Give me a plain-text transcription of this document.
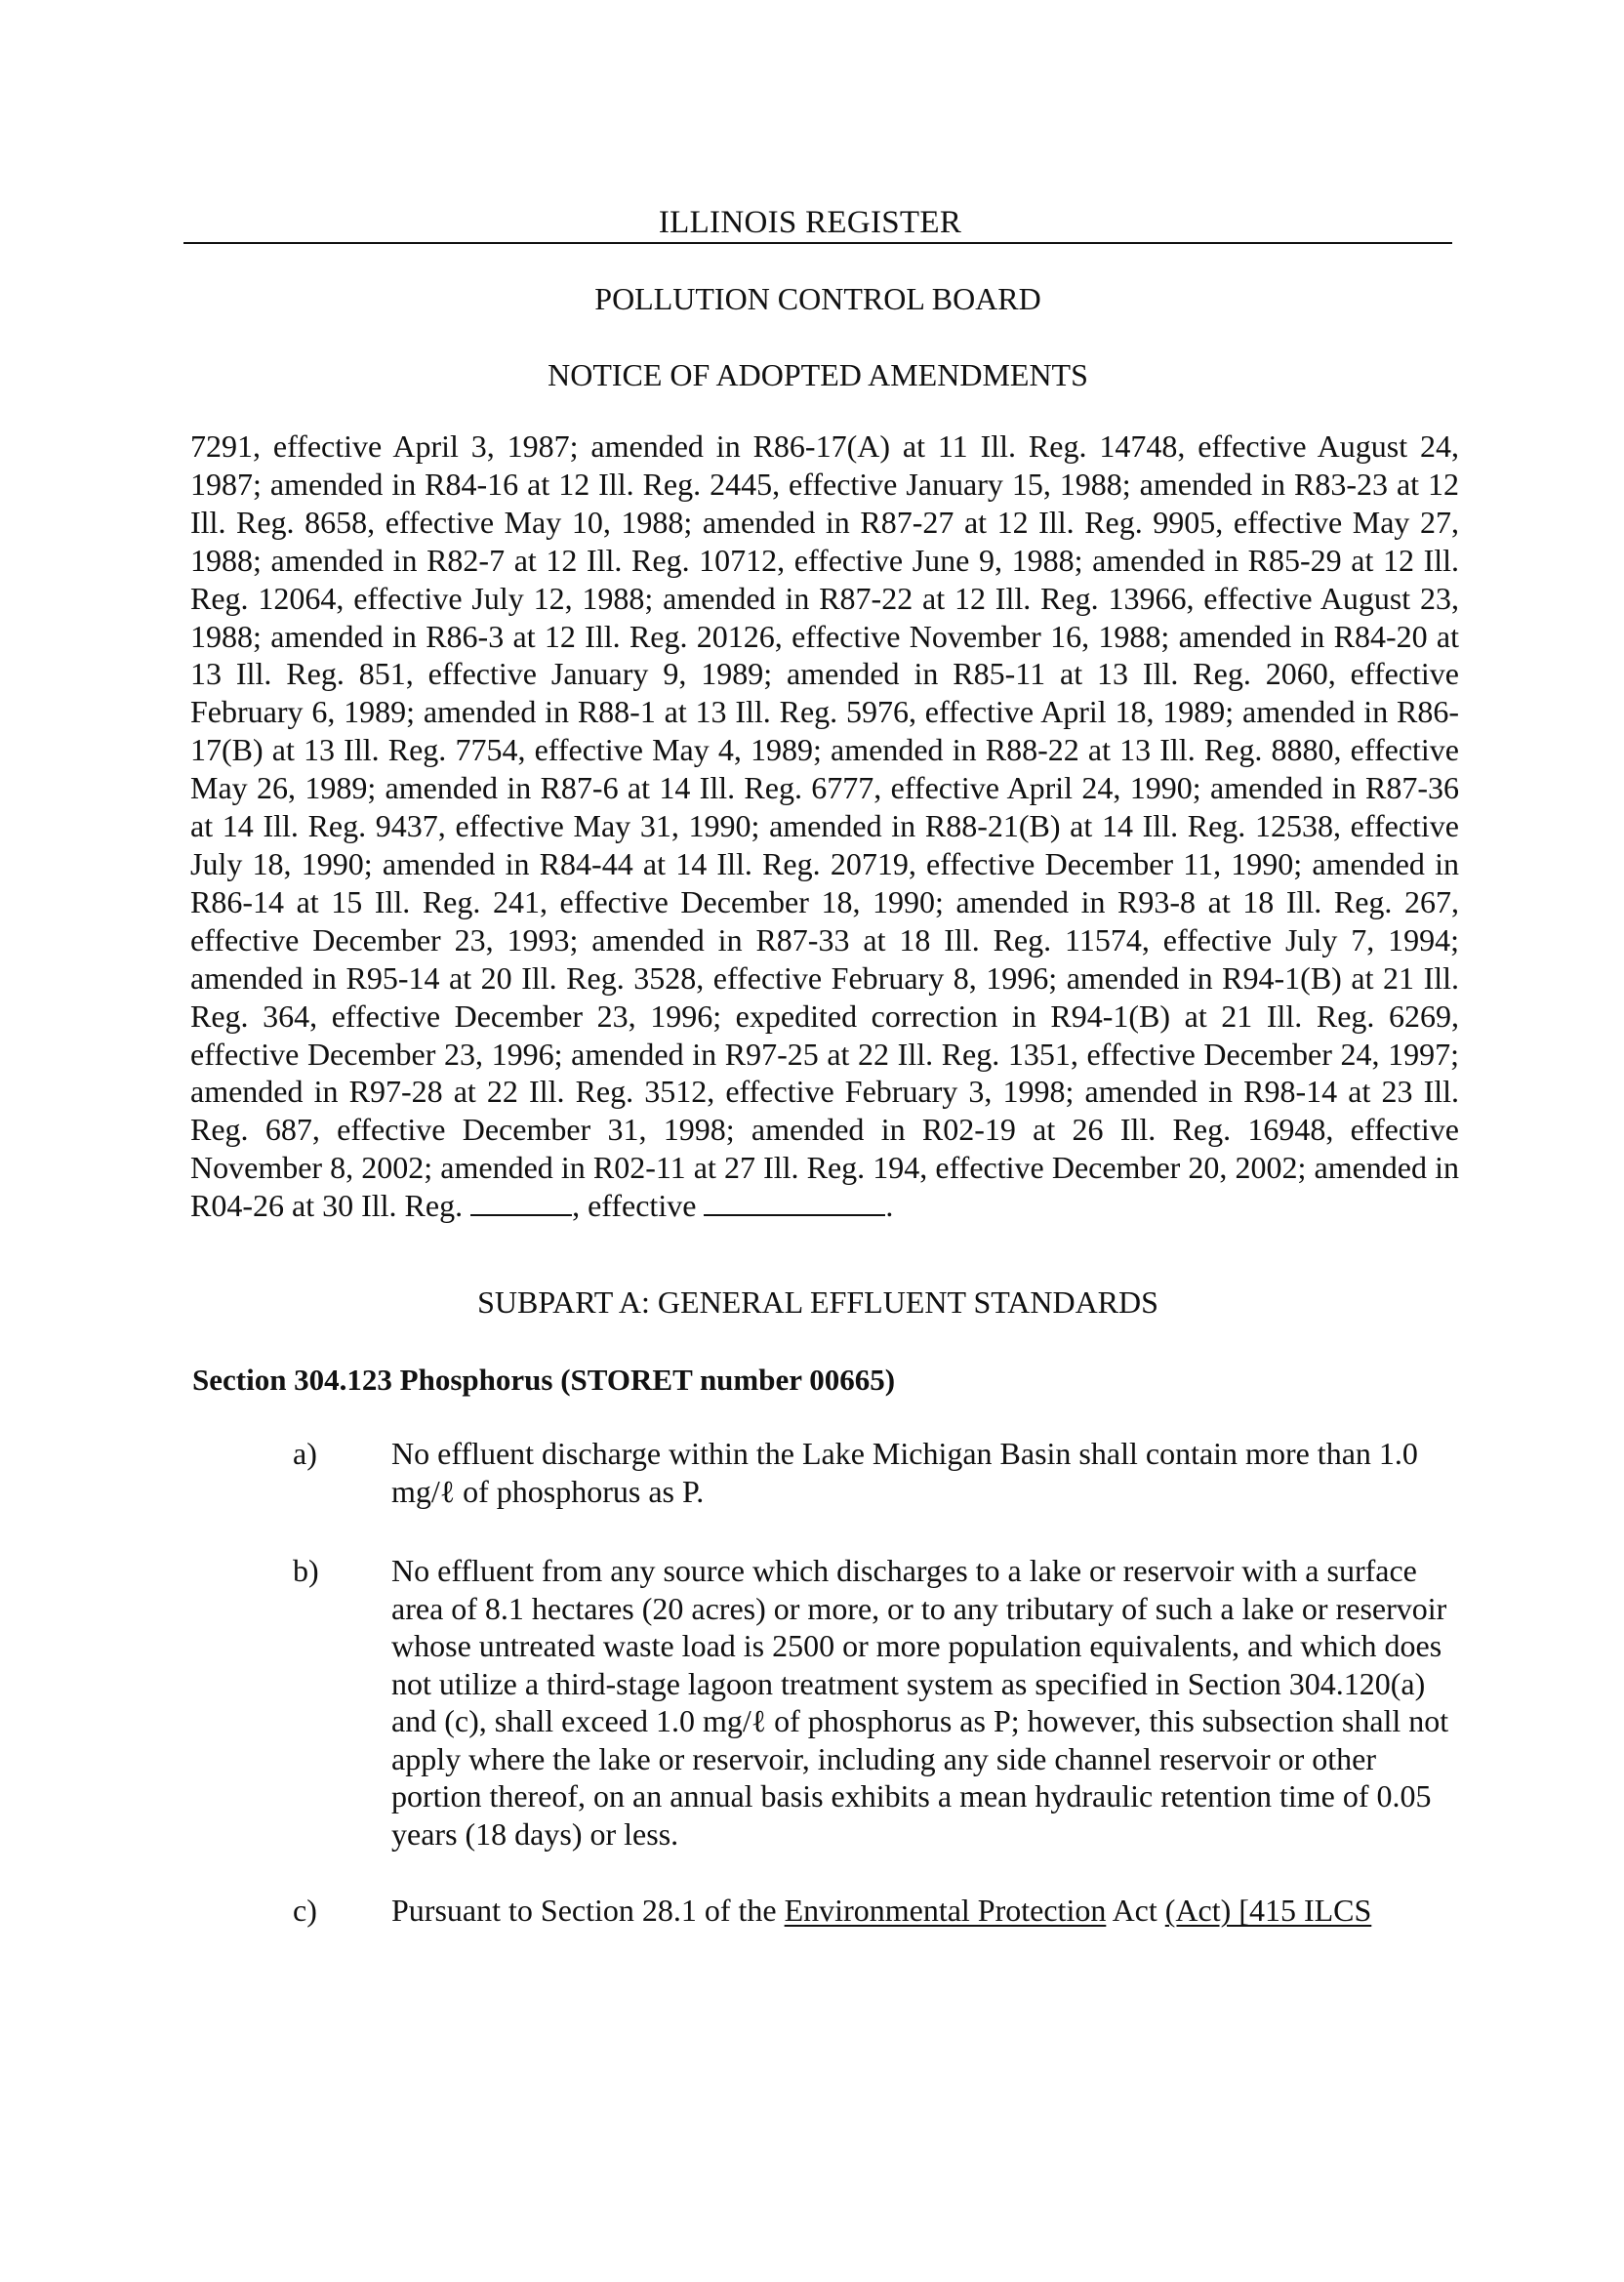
ILLINOIS REGISTER
POLLUTION CONTROL BOARD
NOTICE OF ADOPTED AMENDMENTS
7291, effective April 3, 1987; amended in R86-17(A) at 11 Ill. Reg. 14748, effective August 24, 1987; amended in R84-16 at 12 Ill. Reg. 2445, effective January 15, 1988; amended in R83-23 at 12 Ill. Reg. 8658, effective May 10, 1988; amended in R87-27 at 12 Ill. Reg. 9905, effective May 27, 1988; amended in R82-7 at 12 Ill. Reg. 10712, effective June 9, 1988; amended in R85-29 at 12 Ill. Reg. 12064, effective July 12, 1988; amended in R87-22 at 12 Ill. Reg. 13966, effective August 23, 1988; amended in R86-3 at 12 Ill. Reg. 20126, effective November 16, 1988; amended in R84-20 at 13 Ill. Reg. 851, effective January 9, 1989; amended in R85-11 at 13 Ill. Reg. 2060, effective February 6, 1989; amended in R88-1 at 13 Ill. Reg. 5976, effective April 18, 1989; amended in R86-17(B) at 13 Ill. Reg. 7754, effective May 4, 1989; amended in R88-22 at 13 Ill. Reg. 8880, effective May 26, 1989; amended in R87-6 at 14 Ill. Reg. 6777, effective April 24, 1990; amended in R87-36 at 14 Ill. Reg. 9437, effective May 31, 1990; amended in R88-21(B) at 14 Ill. Reg. 12538, effective July 18, 1990; amended in R84-44 at 14 Ill. Reg. 20719, effective December 11, 1990; amended in R86-14 at 15 Ill. Reg. 241, effective December 18, 1990; amended in R93-8 at 18 Ill. Reg. 267, effective December 23, 1993; amended in R87-33 at 18 Ill. Reg. 11574, effective July 7, 1994; amended in R95-14 at 20 Ill. Reg. 3528, effective February 8, 1996; amended in R94-1(B) at 21 Ill. Reg. 364, effective December 23, 1996; expedited correction in R94-1(B) at 21 Ill. Reg. 6269, effective December 23, 1996; amended in R97-25 at 22 Ill. Reg. 1351, effective December 24, 1997; amended in R97-28 at 22 Ill. Reg. 3512, effective February 3, 1998; amended in R98-14 at 23 Ill. Reg. 687, effective December 31, 1998; amended in R02-19 at 26 Ill. Reg. 16948, effective November 8, 2002; amended in R02-11 at 27 Ill. Reg. 194, effective December 20, 2002; amended in R04-26 at 30 Ill. Reg.	, effective	.
SUBPART A: GENERAL EFFLUENT STANDARDS
Section 304.123 Phosphorus (STORET number 00665)
a)	No effluent discharge within the Lake Michigan Basin shall contain more than 1.0 mg/ℓ of phosphorus as P.
b)	No effluent from any source which discharges to a lake or reservoir with a surface area of 8.1 hectares (20 acres) or more, or to any tributary of such a lake or reservoir whose untreated waste load is 2500 or more population equivalents, and which does not utilize a third-stage lagoon treatment system as specified in Section 304.120(a) and (c), shall exceed 1.0 mg/ℓ of phosphorus as P; however, this subsection shall not apply where the lake or reservoir, including any side channel reservoir or other portion thereof, on an annual basis exhibits a mean hydraulic retention time of 0.05 years (18 days) or less.
c)	Pursuant to Section 28.1 of the Environmental Protection Act (Act) [415 ILCS
